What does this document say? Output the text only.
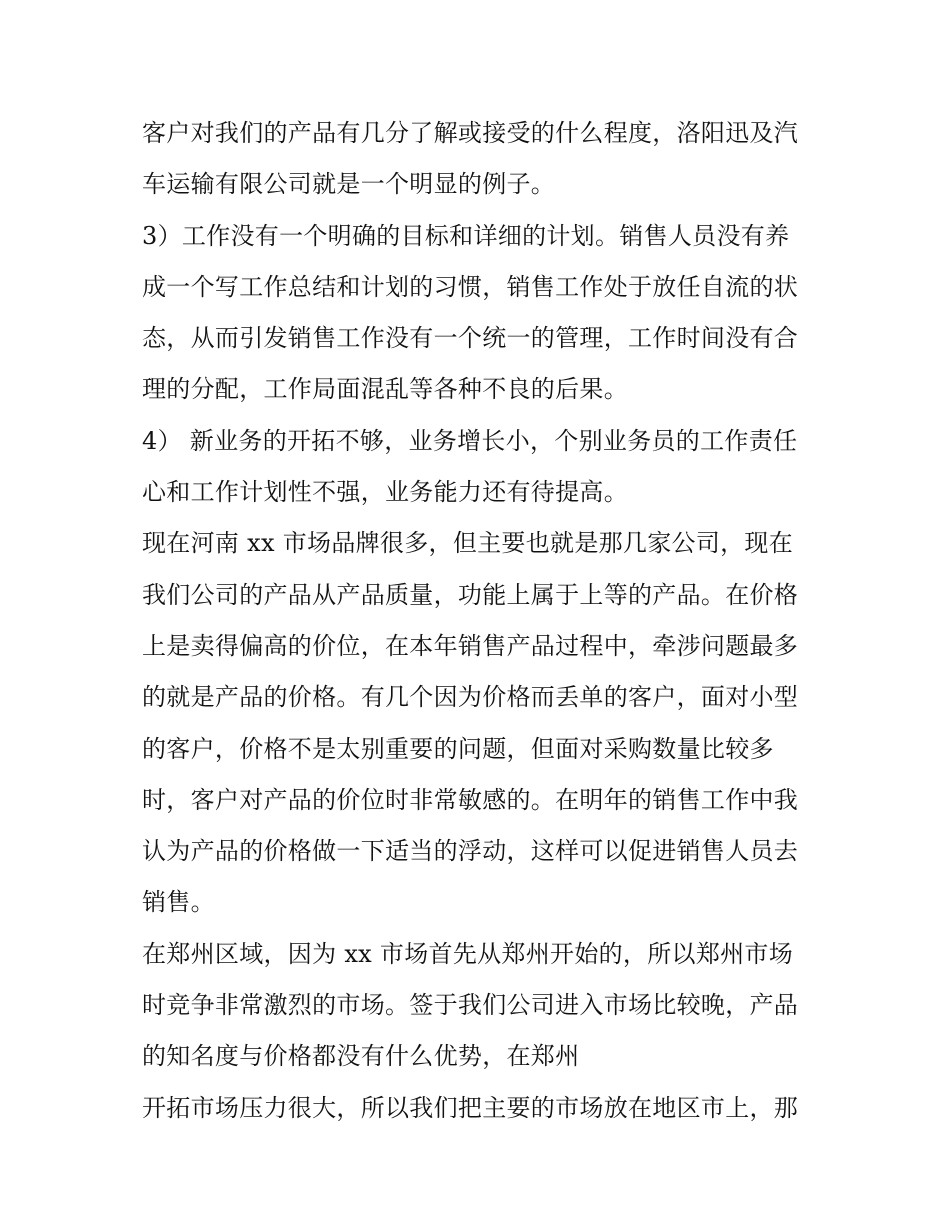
客户对我们的产品有几分了解或接受的什么程度，洛阳迅及汽
车运输有限公司就是一个明显的例子。
3）工作没有一个明确的目标和详细的计划。销售人员没有养
成一个写工作总结和计划的习惯，销售工作处于放任自流的状
态，从而引发销售工作没有一个统一的管理，工作时间没有合
理的分配，工作局面混乱等各种不良的后果。
4） 新业务的开拓不够，业务增长小，个别业务员的工作责任
心和工作计划性不强，业务能力还有待提高。
现在河南 xx 市场品牌很多，但主要也就是那几家公司，现在
我们公司的产品从产品质量，功能上属于上等的产品。在价格
上是卖得偏高的价位，在本年销售产品过程中，牵涉问题最多
的就是产品的价格。有几个因为价格而丢单的客户，面对小型
的客户，价格不是太别重要的问题，但面对采购数量比较多
时，客户对产品的价位时非常敏感的。在明年的销售工作中我
认为产品的价格做一下适当的浮动，这样可以促进销售人员去
销售。
在郑州区域，因为 xx 市场首先从郑州开始的，所以郑州市场
时竞争非常激烈的市场。签于我们公司进入市场比较晚，产品
的知名度与价格都没有什么优势，在郑州
开拓市场压力很大，所以我们把主要的市场放在地区市上，那
